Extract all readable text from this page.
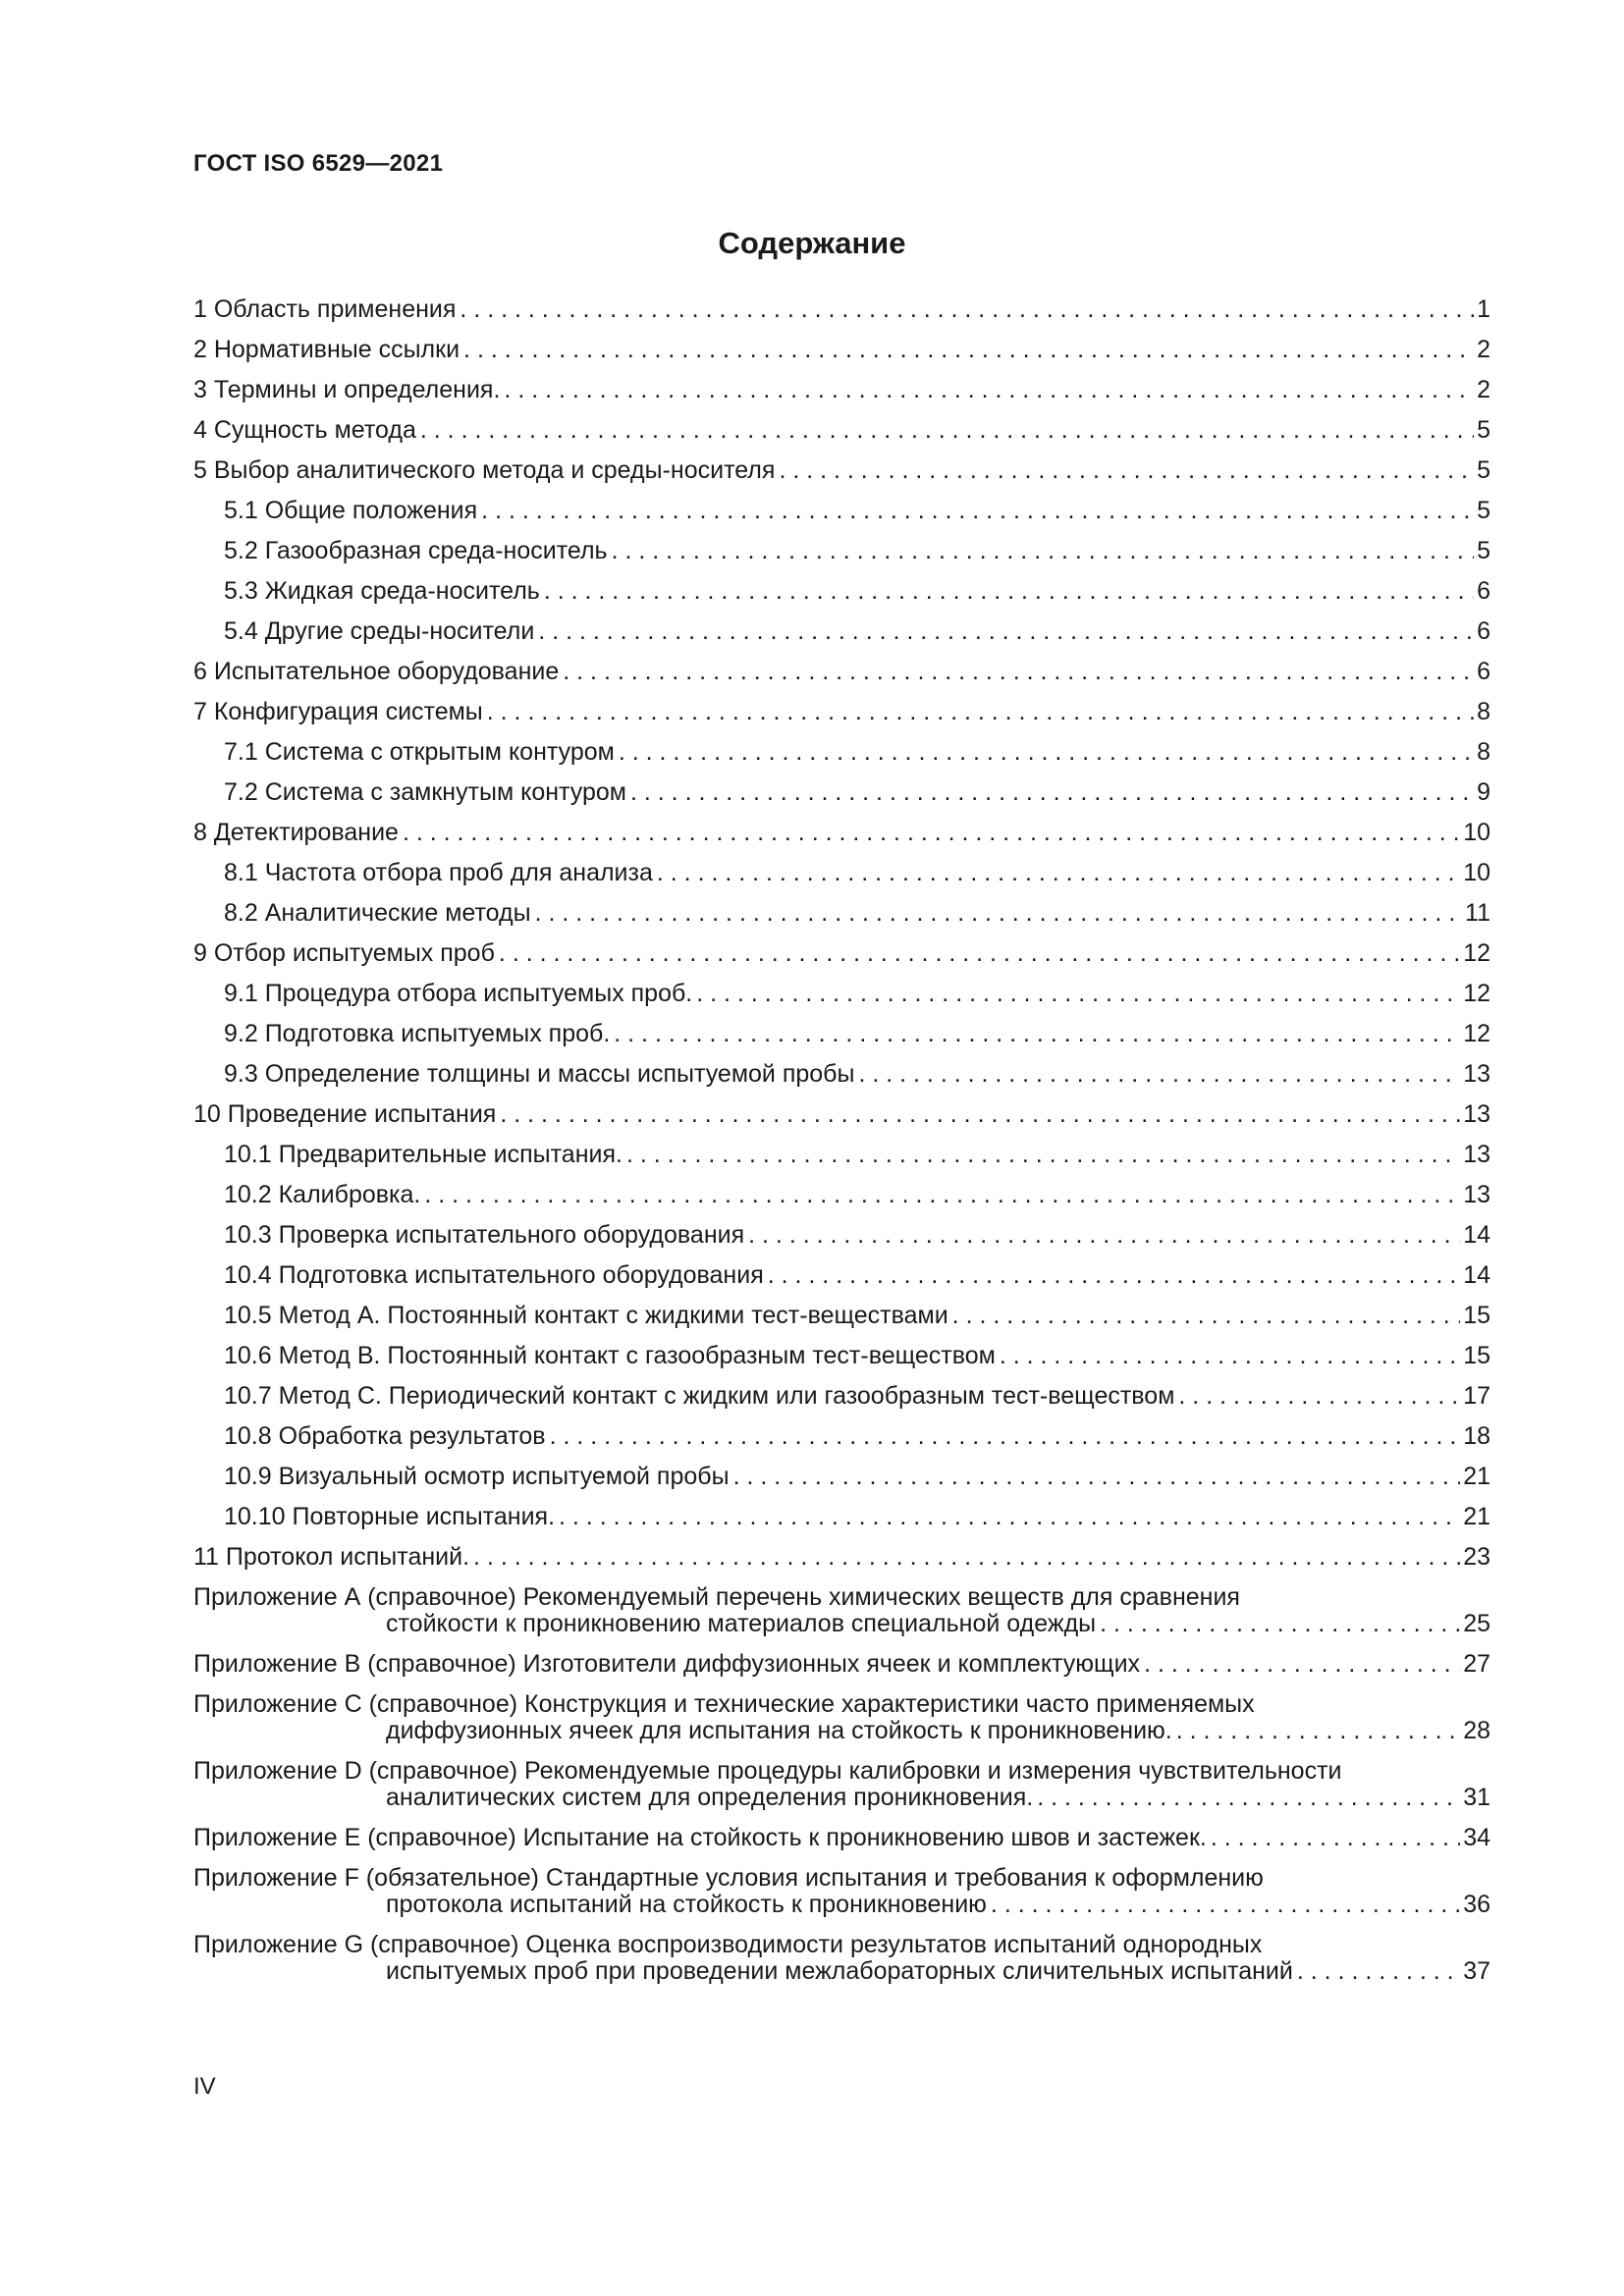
ГОСТ ISO 6529—2021
Содержание
1 Область применения . . .	1
2 Нормативные ссылки . . .	2
3 Термины и определения. . . .	2
4 Сущность метода . . .	5
5 Выбор аналитического метода и среды-носителя . . .	5
5.1 Общие положения . . .	5
5.2 Газообразная среда-носитель . . .	5
5.3 Жидкая среда-носитель . . .	6
5.4 Другие среды-носители . . .	6
6 Испытательное оборудование . . .	6
7 Конфигурация системы . . .	8
7.1 Система с открытым контуром . . .	8
7.2 Система с замкнутым контуром . . .	9
8 Детектирование . . .	10
8.1 Частота отбора проб для анализа . . .	10
8.2 Аналитические методы . . .	11
9 Отбор испытуемых проб . . .	12
9.1 Процедура отбора испытуемых проб. . . .	12
9.2 Подготовка испытуемых проб. . . .	12
9.3 Определение толщины и массы испытуемой пробы . . .	13
10 Проведение испытания . . .	13
10.1 Предварительные испытания. . . .	13
10.2 Калибровка. . . .	13
10.3 Проверка испытательного оборудования . . .	14
10.4 Подготовка испытательного оборудования . . .	14
10.5 Метод А. Постоянный контакт с жидкими тест-веществами . . .	15
10.6 Метод В. Постоянный контакт с газообразным тест-веществом . . .	15
10.7 Метод С. Периодический контакт с жидким или газообразным тест-веществом . . .	17
10.8 Обработка результатов . . .	18
10.9 Визуальный осмотр испытуемой пробы . . .	21
10.10 Повторные испытания. . . .	21
11 Протокол испытаний. . . .	23
Приложение А (справочное) Рекомендуемый перечень химических веществ для сравнения
стойкости к проникновению материалов специальной одежды . . .	25
Приложение В (справочное) Изготовители диффузионных ячеек и комплектующих . . .	27
Приложение С (справочное) Конструкция и технические характеристики часто применяемых
диффузионных ячеек для испытания на стойкость к проникновению. . . .	28
Приложение D (справочное) Рекомендуемые процедуры калибровки и измерения чувствительности
аналитических систем для определения проникновения. . . .	31
Приложение Е (справочное) Испытание на стойкость к проникновению швов и застежек. . . .	34
Приложение F (обязательное) Стандартные условия испытания и требования к оформлению
протокола испытаний на стойкость к проникновению . . .	36
Приложение G (справочное) Оценка воспроизводимости результатов испытаний однородных
испытуемых проб при проведении межлабораторных сличительных испытаний . . .	37
IV
